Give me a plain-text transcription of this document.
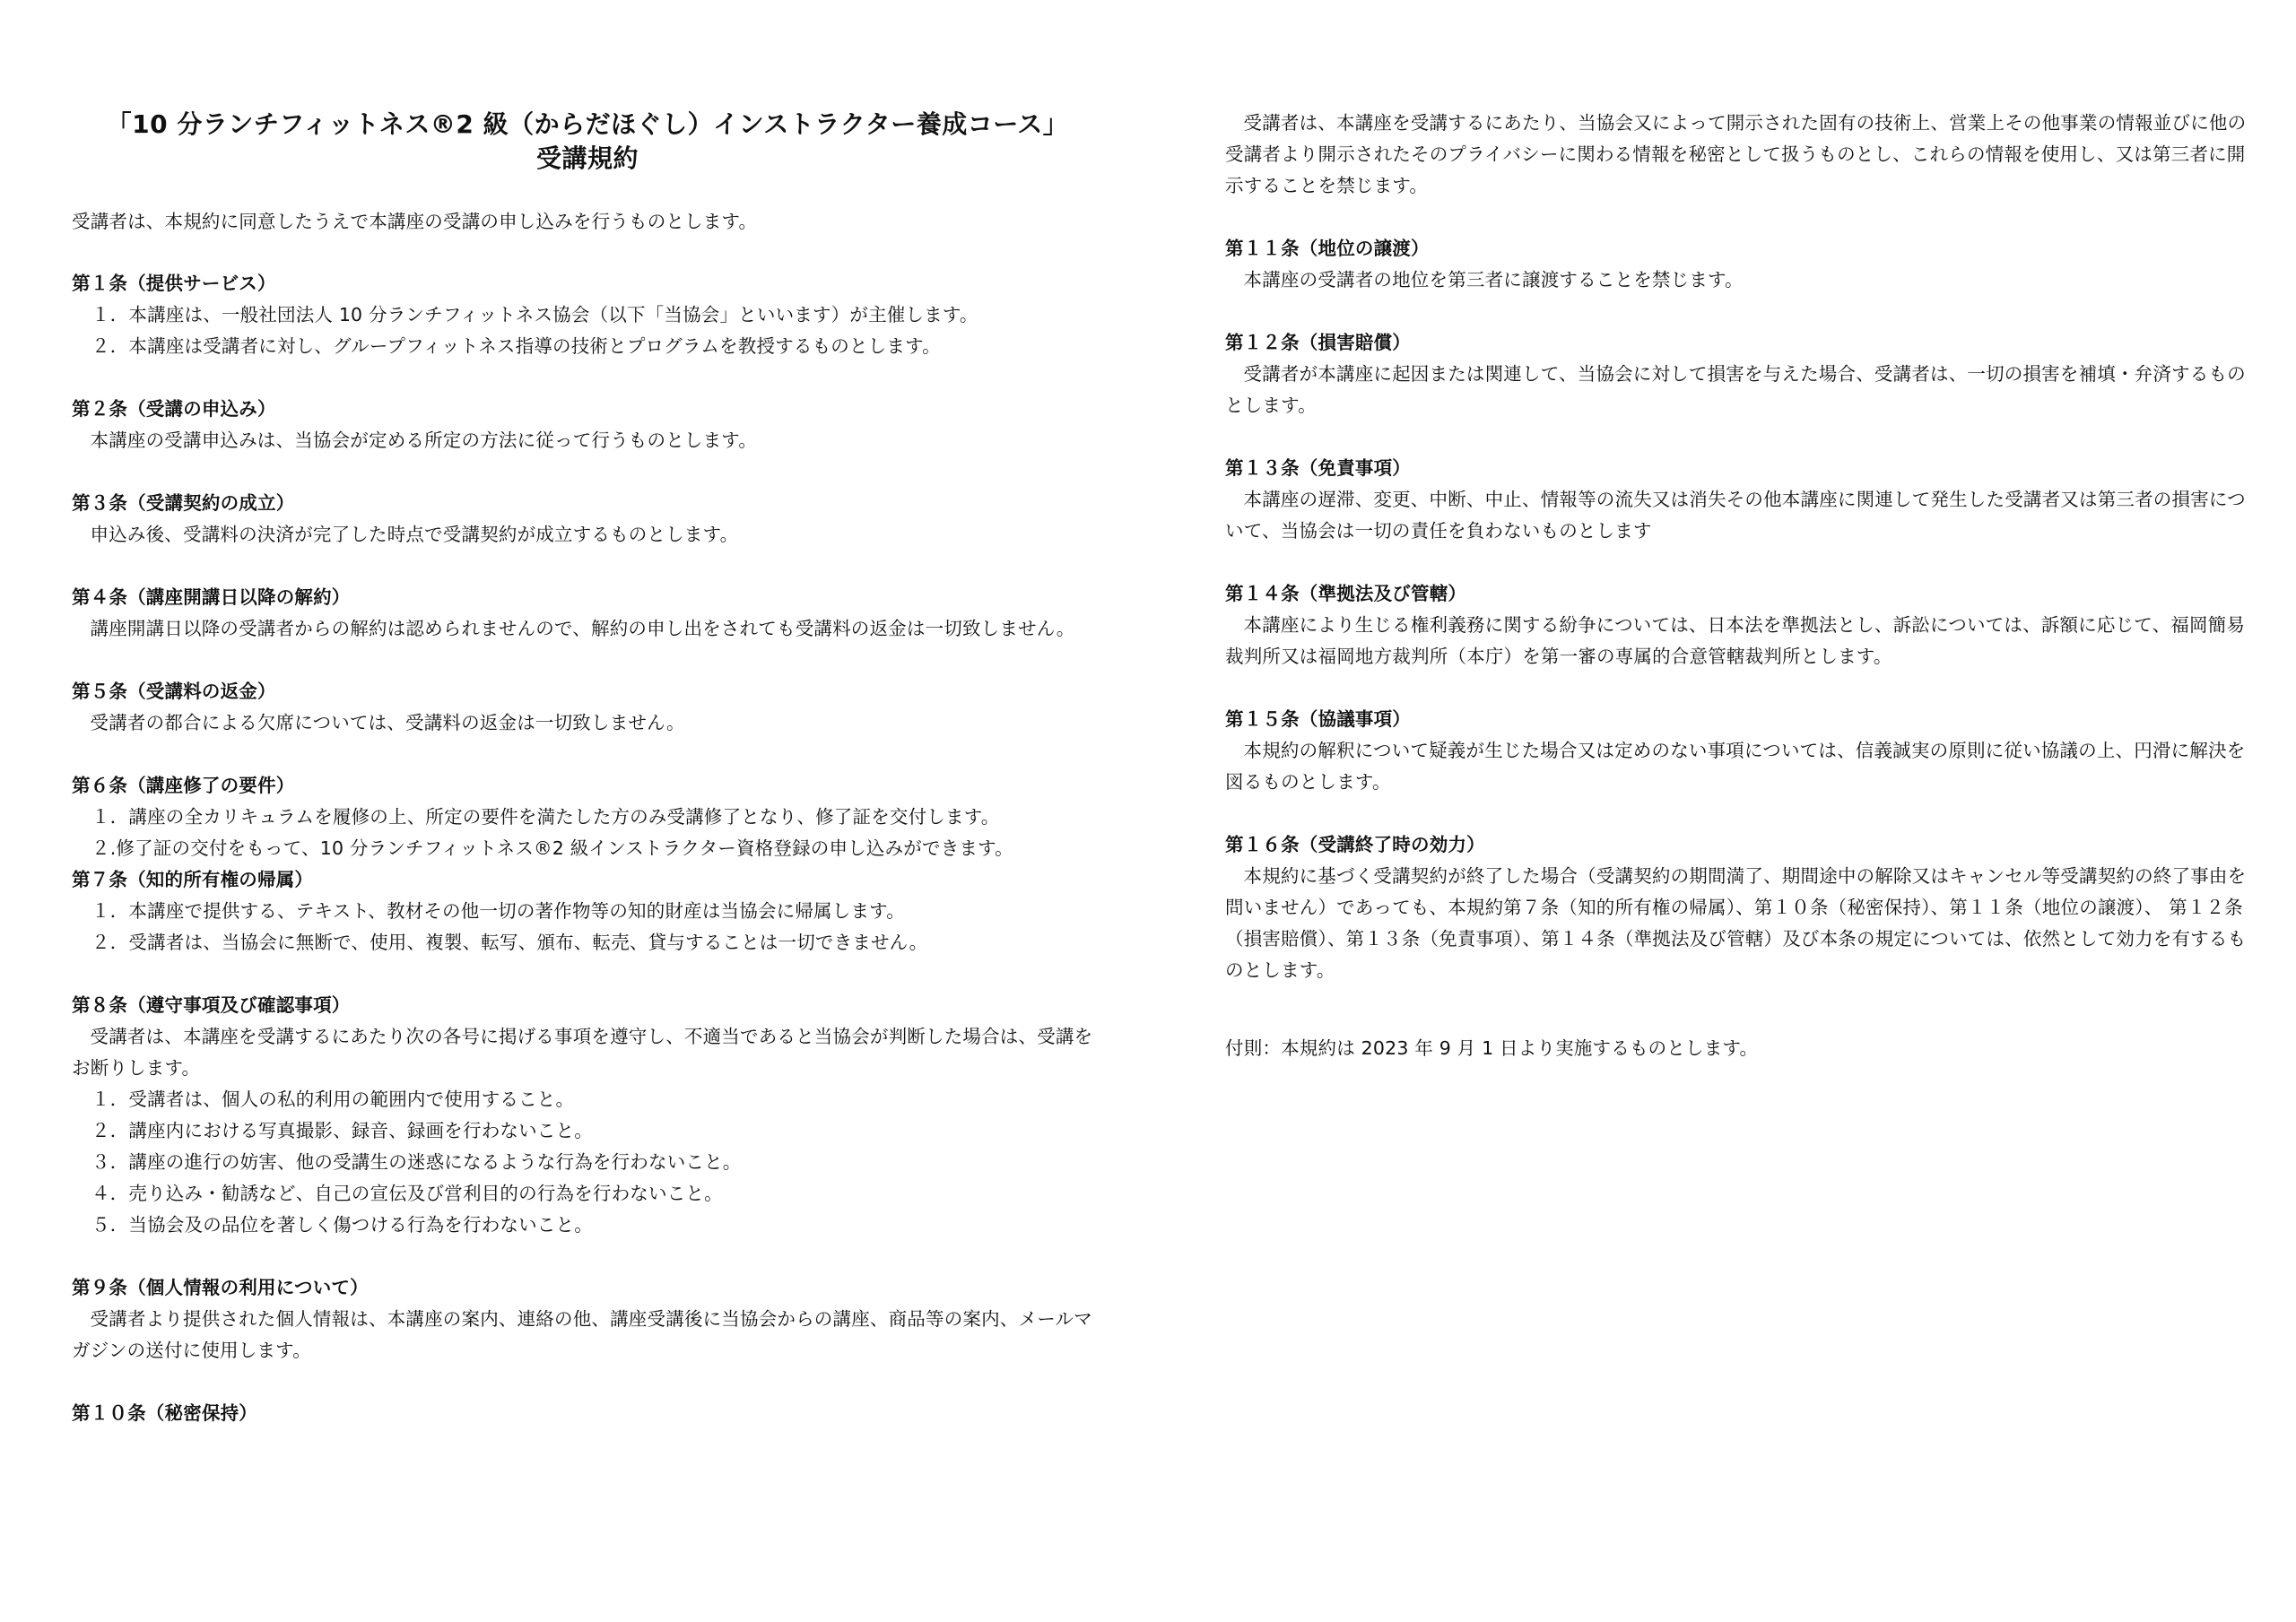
「10 分ランチフィットネス®2 級（からだほぐし）インストラクター養成コース」
受講規約

受講者は、本規約に同意したうえで本講座の受講の申し込みを行うものとします。

第１条（提供サービス）

１．本講座は、一般社団法人 10 分ランチフィットネス協会（以下「当協会」といいます）が主催します。
２．本講座は受講者に対し、グループフィットネス指導の技術とプログラムを教授するものとします。

第２条（受講の申込み）

本講座の受講申込みは、当協会が定める所定の方法に従って行うものとします。

第３条（受講契約の成立）

申込み後、受講料の決済が完了した時点で受講契約が成立するものとします。

第４条（講座開講日以降の解約）

講座開講日以降の受講者からの解約は認められませんので、解約の申し出をされても受講料の返金は一切致しません。

第５条（受講料の返金）

受講者の都合による欠席については、受講料の返金は一切致しません。

第６条（講座修了の要件）

１．講座の全カリキュラムを履修の上、所定の要件を満たした方のみ受講修了となり、修了証を交付します。
２.修了証の交付をもって、10 分ランチフィットネス®2 級インストラクター資格登録の申し込みができます。

第７条（知的所有権の帰属）

１．本講座で提供する、テキスト、教材その他一切の著作物等の知的財産は当協会に帰属します。
２．受講者は、当協会に無断で、使用、複製、転写、頒布、転売、貸与することは一切できません。

第８条（遵守事項及び確認事項）

受講者は、本講座を受講するにあたり次の各号に掲げる事項を遵守し、不適当であると当協会が判断した場合は、受講をお断りします。

１．受講者は、個人の私的利用の範囲内で使用すること。
２．講座内における写真撮影、録音、録画を行わないこと。
３．講座の進行の妨害、他の受講生の迷惑になるような行為を行わないこと。
４．売り込み・勧誘など、自己の宣伝及び営利目的の行為を行わないこと。
５．当協会及の品位を著しく傷つける行為を行わないこと。

第９条（個人情報の利用について）

受講者より提供された個人情報は、本講座の案内、連絡の他、講座受講後に当協会からの講座、商品等の案内、メールマガジンの送付に使用します。

第１０条（秘密保持）

受講者は、本講座を受講するにあたり、当協会又によって開示された固有の技術上、営業上その他事業の情報並びに他の受講者より開示されたそのプライバシーに関わる情報を秘密として扱うものとし、これらの情報を使用し、又は第三者に開示することを禁じます。

第１１条（地位の譲渡）

本講座の受講者の地位を第三者に譲渡することを禁じます。

第１２条（損害賠償）

受講者が本講座に起因または関連して、当協会に対して損害を与えた場合、受講者は、一切の損害を補填・弁済するものとします。

第１３条（免責事項）

本講座の遅滞、変更、中断、中止、情報等の流失又は消失その他本講座に関連して発生した受講者又は第三者の損害について、当協会は一切の責任を負わないものとします

第１４条（準拠法及び管轄）

本講座により生じる権利義務に関する紛争については、日本法を準拠法とし、訴訟については、訴額に応じて、福岡簡易裁判所又は福岡地方裁判所（本庁）を第一審の専属的合意管轄裁判所とします。

第１５条（協議事項）

本規約の解釈について疑義が生じた場合又は定めのない事項については、信義誠実の原則に従い協議の上、円滑に解決を図るものとします。

第１６条（受講終了時の効力）

本規約に基づく受講契約が終了した場合（受講契約の期間満了、期間途中の解除又はキャンセル等受講契約の終了事由を問いません）であっても、本規約第７条（知的所有権の帰属）、第１０条（秘密保持）、第１１条（地位の譲渡）、 第１２条（損害賠償）、第１３条（免責事項）、第１４条（準拠法及び管轄）及び本条の規定については、依然として効力を有するものとします。

付則：本規約は 2023 年 9 月 1 日より実施するものとします。
